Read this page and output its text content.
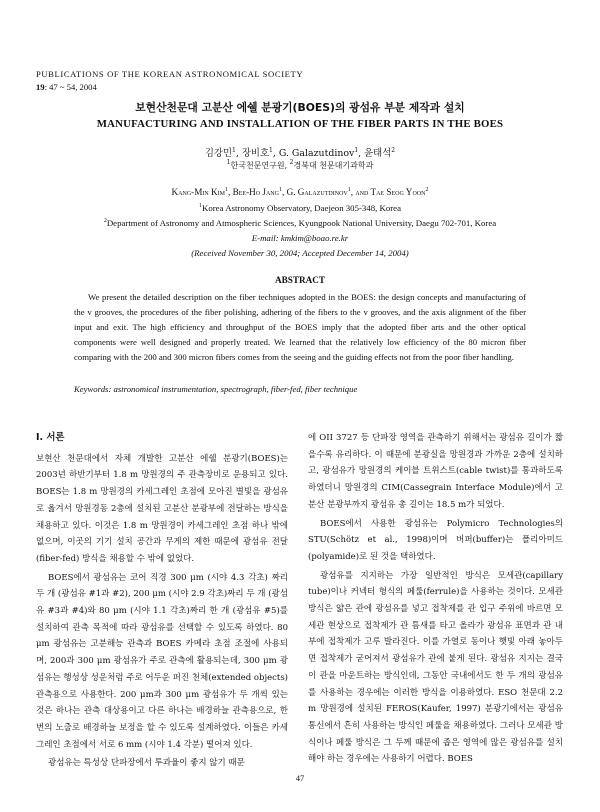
PUBLICATIONS OF THE KOREAN ASTRONOMICAL SOCIETY
19: 47 ~ 54, 2004
보현산천문대 고분산 에쉘 분광기(BOES)의 광섬유 부분 제작과 설치
MANUFACTURING AND INSTALLATION OF THE FIBER PARTS IN THE BOES
김강민$^1$, 장비호$^1$, G. Galazutdinov$^1$, 윤태석$^2$
$^1$한국천문연구원, $^2$경북대 천문대기과학과
Kang-Min Kim$^1$, Bee-Ho Jang$^1$, G. Galazutdinov$^1$, and Tae Seog Yoon$^2$
$^1$Korea Astronomy Observatory, Daejeon 305-348, Korea
$^2$Department of Astronomy and Atmospheric Sciences, Kyungpook National University, Daegu 702-701, Korea
E-mail: kmkim@boao.re.kr
(Received November 30, 2004; Accepted December 14, 2004)
ABSTRACT
We present the detailed description on the fiber techniques adopted in the BOES: the design concepts and manufacturing of the v grooves, the procedures of the fiber polishing, adhering of the fibers to the v grooves, and the axis alignment of the fiber input and exit. The high efficiency and throughput of the BOES imply that the adopted fiber arts and the other optical components were well designed and properly treated. We learned that the relatively low efficiency of the 80 micron fiber comparing with the 200 and 300 micron fibers comes from the seeing and the guiding effects not from the poor fiber handling.
Keywords: astronomical instrumentation, spectrograph, fiber-fed, fiber technique
I. 서론

보현산 천문대에서 자체 개발한 고분산 에쉘 분광기(BOES)는 2003년 하반기부터 1.8 m 망원경의 주 관측장비로 운용되고 있다. BOES는 1.8 m 망원경의 카세그레인 초점에 모아진 별빛을 광섬유로 옮겨서 망원경동 2층에 설치된 고분산 분광부에 전달하는 방식을 채용하고 있다. 이것은 1.8 m 망원경이 카세그레인 초점 하나 밖에 없으며, 이곳의 기기 설치 공간과 무게의 제한 때문에 광섬유 전달(fiber-fed) 방식을 채용할 수 밖에 없었다.

BOES에서 광섬유는 코어 직경 300 μm (시야 4.3 각초) 짜리 두 개 (광섬유 #1과 #2), 200 μm (시야 2.9 각초)짜리 두 개 (광섬유 #3과 #4)와 80 μm (시야 1.1 각초)짜리 한 개 (광섬유 #5)를 설치하여 관측 목적에 따라 광섬유를 선택할 수 있도록 하였다. 80 μm 광섬유는 고분해능 관측과 BOES 카메라 초점 조절에 사용되며, 200과 300 μm 광섬유가 주로 관측에 활용되는데, 300 μm 광섬유는 행성상 성운처럼 주로 어두운 퍼진 천체(extended objects) 관측용으로 사용한다. 200 μm과 300 μm 광섬유가 두 개씩 있는 것은 하나는 관측 대상용이고 다른 하나는 배경하늘 관측용으로, 한번의 노출로 배경하늘 보정을 할 수 있도록 설계하였다. 이들은 카세그레인 초점에서 서로 6 mm (시야 1.4 각분) 떨어져 있다.

광섬유는 특성상 단파장에서 투과율이 좋지 않기 때문

에 OII 3727 등 단파장 영역을 관측하기 위해서는 광섬유 길이가 짧을수록 유리하다. 이 때문에 분광실을 망원경과 가까운 2층에 설치하고, 광섬유가 망원경의 케이블 트위스트(cable twist)를 통과하도록 하였더니 망원경의 CIM(Cassegrain Interface Module)에서 고분산 분광부까지 광섬유 총 길이는 18.5 m가 되었다.

BOES에서 사용한 광섬유는 Polymicro Technologies의 STU(Schötz et al., 1998)이며 버퍼(buffer)는 폴리아미드(polyamide)로 된 것을 택하였다.

광섬유를 지지하는 가장 일반적인 방식은 모세관(capillary tube)이나 커넥터 형식의 페룰(ferrule)을 사용하는 것이다. 모세관 방식은 얇은 관에 광섬유를 넣고 접착제를 관 입구 주위에 바르면 모세관 현상으로 접착제가 관 틈새를 타고 올라가 광섬유 표면과 관 내부에 접착제가 고루 발라진다. 이를 가열로 동이나 햇빛 아래 놓아두면 접착제가 굳어져서 광섬유가 관에 붙게 된다. 광섬유 지지는 결국 이 관을 마운트하는 방식인데, 그동안 국내에서도 한 두 개의 광섬유를 사용하는 경우에는 이러한 방식을 이용하였다. ESO 천문대 2.2 m 망원경에 설치된 FEROS(Kaufer, 1997) 분광기에서는 광섬유 통신에서 흔히 사용하는 방식인 페룰을 채용하였다. 그러나 모세관 방식이나 페룰 방식은 그 두께 때문에 좁은 영역에 많은 광섬유를 설치해야 하는 경우에는 사용하기 어렵다. BOES

47
